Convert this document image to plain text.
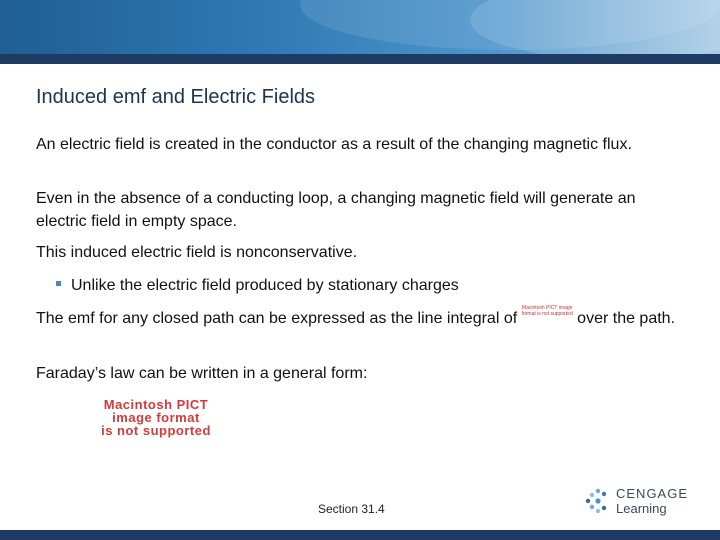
Induced emf and Electric Fields
An electric field is created in the conductor as a result of the changing magnetic flux.
Even in the absence of a conducting loop, a changing magnetic field will generate an electric field in empty space.
This induced electric field is nonconservative.
Unlike the electric field produced by stationary charges
The emf for any closed path can be expressed as the line integral ofMacintosh PICT image format is not supported over the path.
Faraday’s law can be written in a general form:
Macintosh PICT
image format
is not supported
Section 31.4
CENGAGE
Learning
